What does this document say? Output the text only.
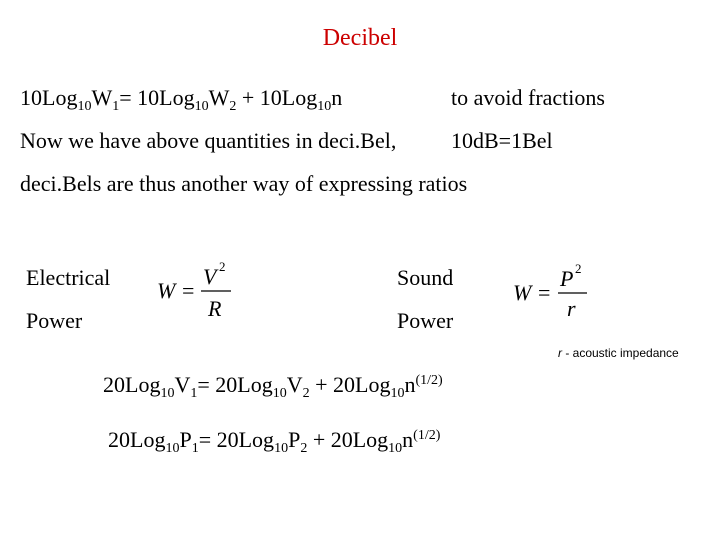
Decibel
$10Log_{10}W_1= 10Log_{10}W_2 + 10Log_{10}n$	to avoid fractions
Now we have above quantities in deci.Bel, 10dB=1Bel
deci.Bels are thus another way of expressing ratios
Electrical
Power
W =
V 2
R
Sound
Power
W =
P 2
r
r - acoustic impedance
$20Log_{10}V_1= 20Log_{10}V_2 + 20Log_{10}n^{(1/2)}$
$20Log_{10}P_1= 20Log_{10}P_2 + 20Log_{10}n^{(1/2)}$
